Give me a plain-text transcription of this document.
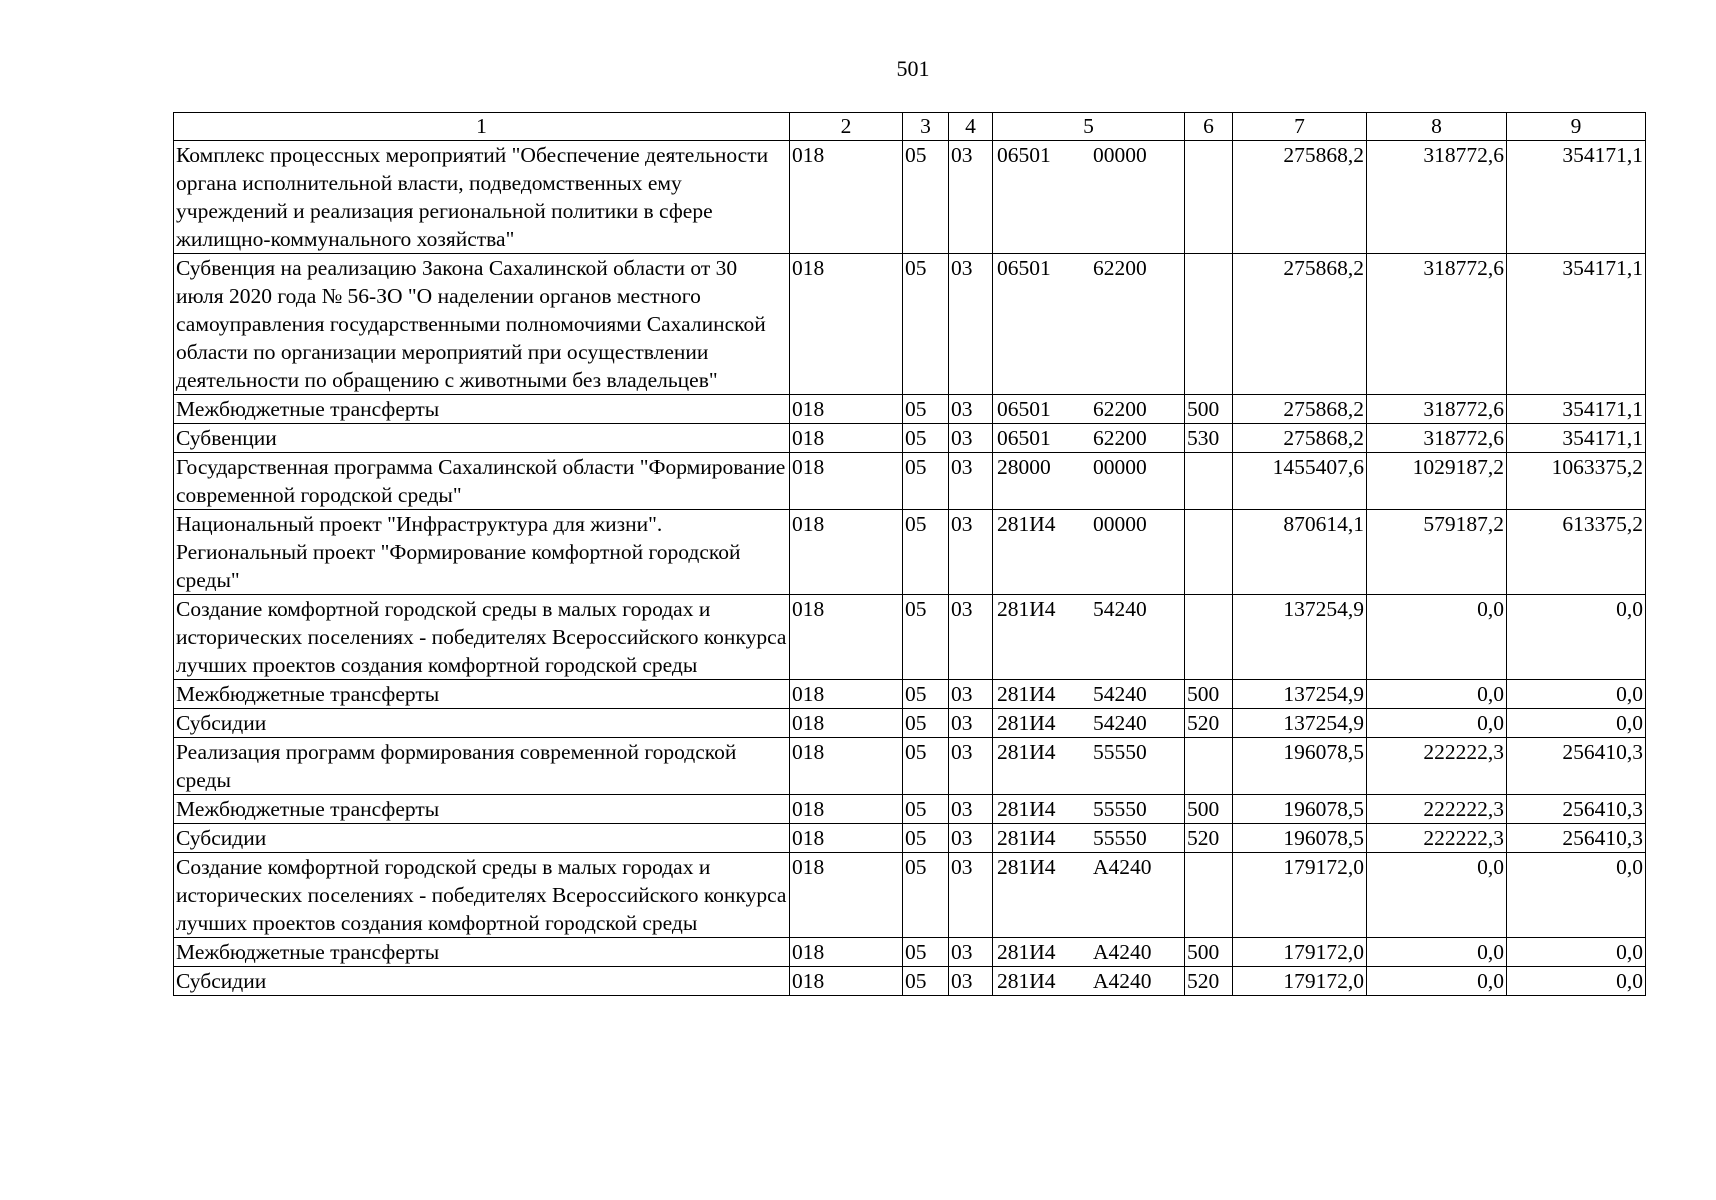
501
1	2	3	4	5	6	7	8	9
Комплекс процессных мероприятий "Обеспечение деятельности органа исполнительной власти, подведомственных ему учреждений и реализация региональной политики в сфере жилищно-коммунального хозяйства"	018	05	03	06501 00000		275868,2	318772,6	354171,1
Субвенция на реализацию Закона Сахалинской области от 30 июля 2020 года № 56-ЗО "О наделении органов местного самоуправления государственными полномочиями Сахалинской области по организации мероприятий при осуществлении деятельности по обращению с животными без владельцев"	018	05	03	06501 62200		275868,2	318772,6	354171,1
Межбюджетные трансферты	018	05	03	06501 62200	500	275868,2	318772,6	354171,1
Субвенции	018	05	03	06501 62200	530	275868,2	318772,6	354171,1
Государственная программа Сахалинской области "Формирование современной городской среды"	018	05	03	28000 00000		1455407,6	1029187,2	1063375,2
Национальный проект "Инфраструктура для жизни". Региональный проект "Формирование комфортной городской среды"	018	05	03	281И4 00000		870614,1	579187,2	613375,2
Создание комфортной городской среды в малых городах и исторических поселениях - победителях Всероссийского конкурса лучших проектов создания комфортной городской среды	018	05	03	281И4 54240		137254,9	0,0	0,0
Межбюджетные трансферты	018	05	03	281И4 54240	500	137254,9	0,0	0,0
Субсидии	018	05	03	281И4 54240	520	137254,9	0,0	0,0
Реализация программ формирования современной городской среды	018	05	03	281И4 55550		196078,5	222222,3	256410,3
Межбюджетные трансферты	018	05	03	281И4 55550	500	196078,5	222222,3	256410,3
Субсидии	018	05	03	281И4 55550	520	196078,5	222222,3	256410,3
Создание комфортной городской среды в малых городах и исторических поселениях - победителях Всероссийского конкурса лучших проектов создания комфортной городской среды	018	05	03	281И4 А4240		179172,0	0,0	0,0
Межбюджетные трансферты	018	05	03	281И4 А4240	500	179172,0	0,0	0,0
Субсидии	018	05	03	281И4 А4240	520	179172,0	0,0	0,0
